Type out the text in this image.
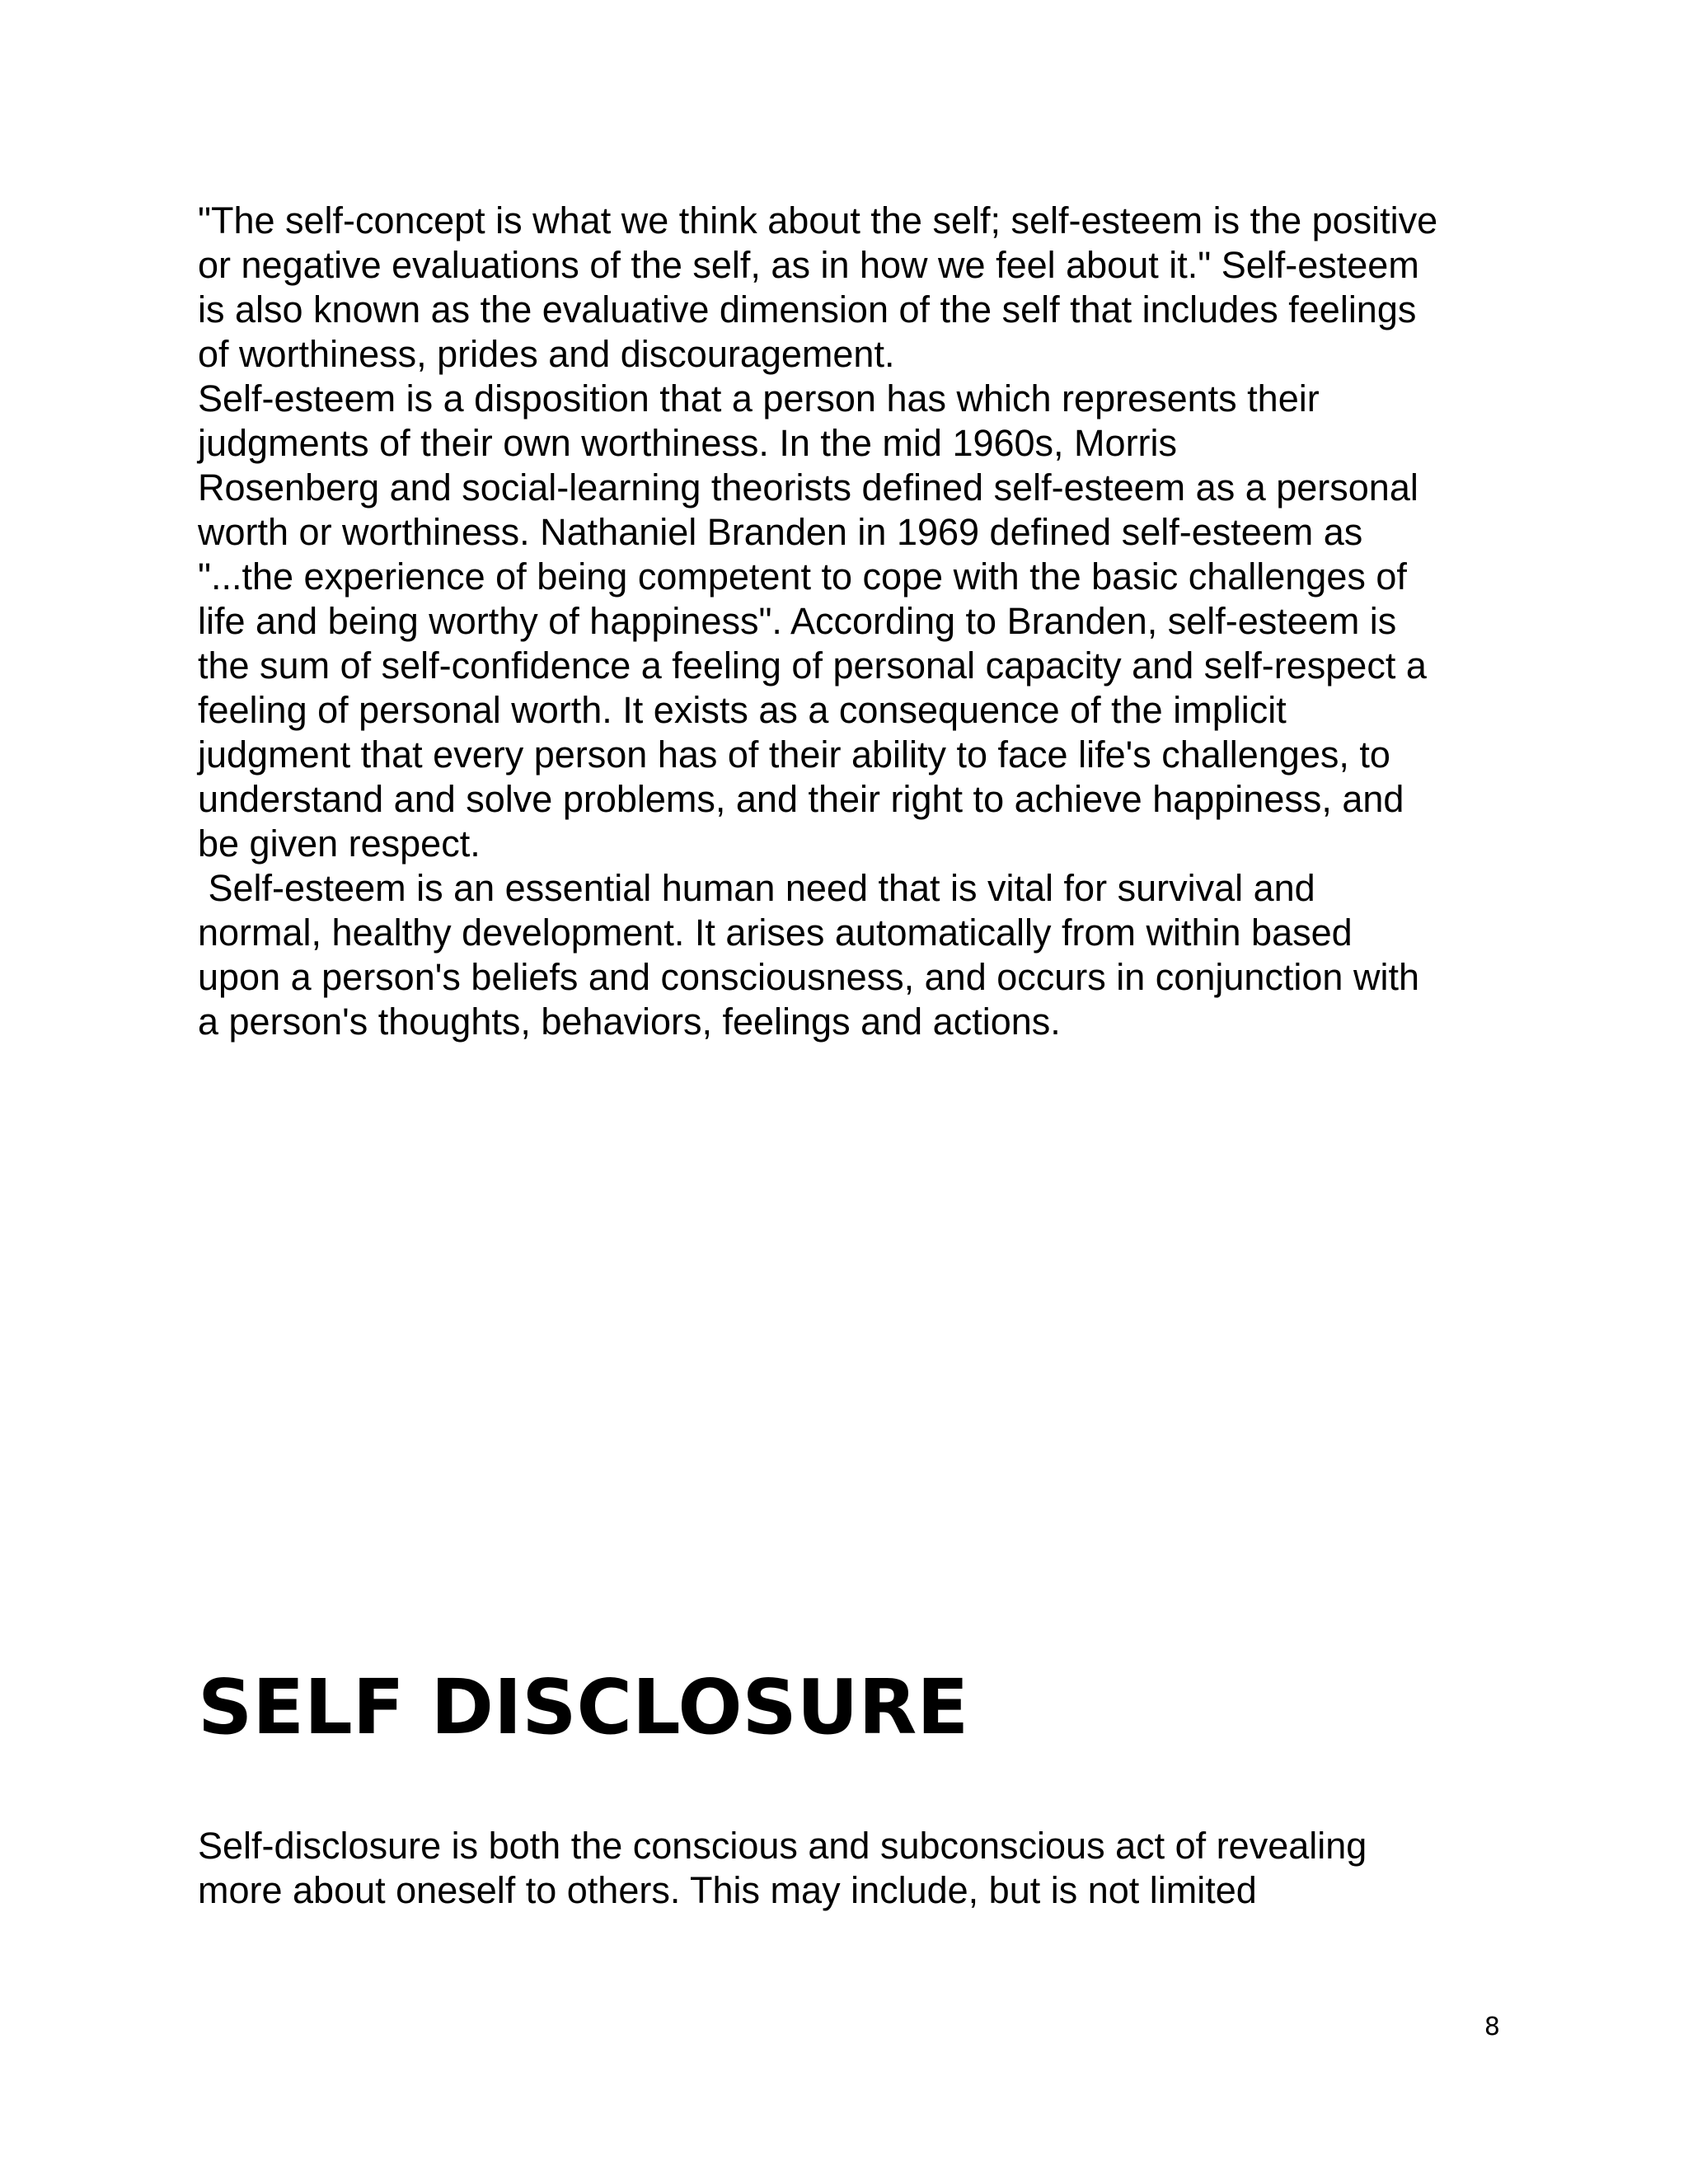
"The self-concept is what we think about the self; self-esteem is the positive
or negative evaluations of the self, as in how we feel about it." Self-esteem
is also known as the evaluative dimension of the self that includes feelings
of worthiness, prides and discouragement.
Self-esteem is a disposition that a person has which represents their
judgments of their own worthiness. In the mid 1960s, Morris
Rosenberg and social-learning theorists defined self-esteem as a personal
worth or worthiness. Nathaniel Branden in 1969 defined self-esteem as
"...the experience of being competent to cope with the basic challenges of
life and being worthy of happiness". According to Branden, self-esteem is
the sum of self-confidence a feeling of personal capacity and self-respect a
feeling of personal worth. It exists as a consequence of the implicit
judgment that every person has of their ability to face life's challenges, to
understand and solve problems, and their right to achieve happiness, and
be given respect.
Self-esteem is an essential human need that is vital for survival and
normal, healthy development. It arises automatically from within based
upon a person's beliefs and consciousness, and occurs in conjunction with
a person's thoughts, behaviors, feelings and actions.
SELF DISCLOSURE
Self-disclosure is both the conscious and subconscious act of revealing
more about oneself to others. This may include, but is not limited
8
